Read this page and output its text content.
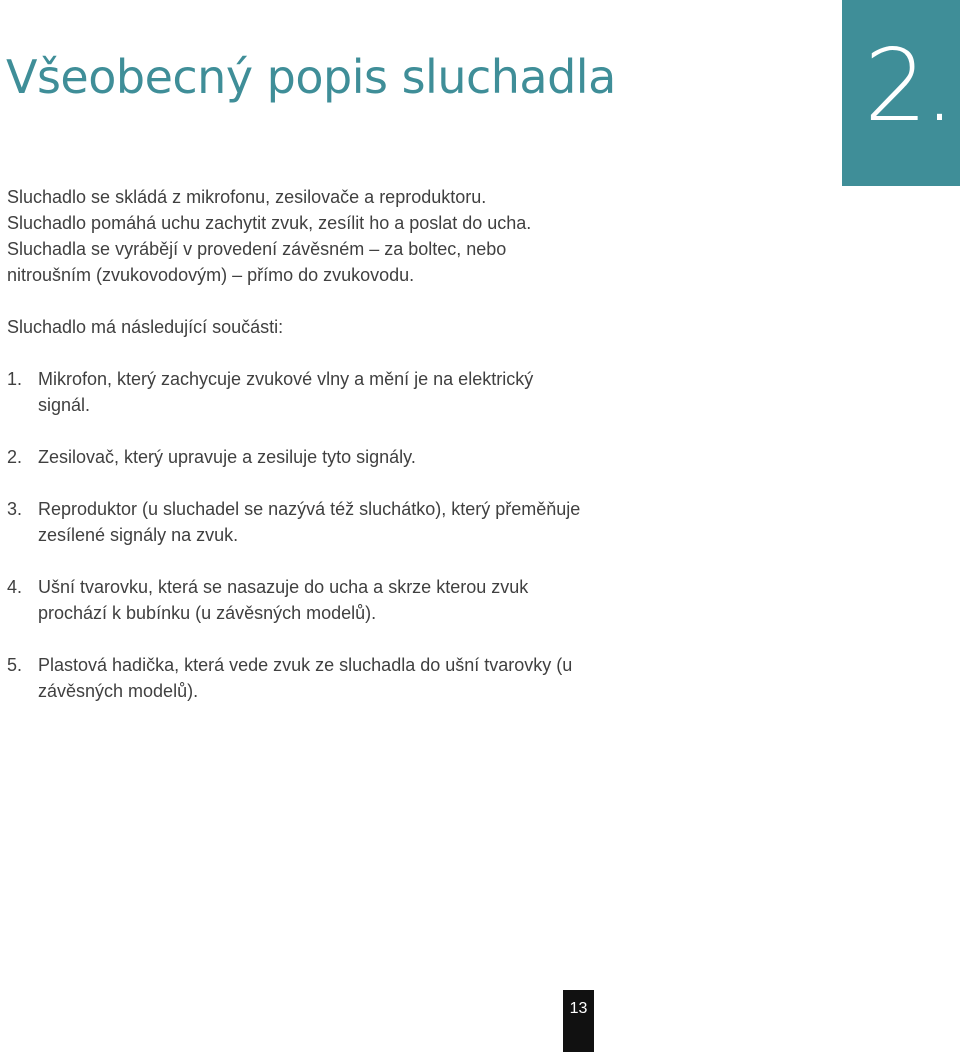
2.
Všeobecný popis sluchadla

Sluchadlo se skládá z mikrofonu, zesilovače a reproduktoru.

Sluchadlo pomáhá uchu zachytit zvuk, zesílit ho a poslat do ucha.

Sluchadla se vyrábějí v provedení závěsném – za boltec, nebo

nitroušním (zvukovodovým) – přímo do zvukovodu.

Sluchadlo má následující součásti:

1. Mikrofon, který zachycuje zvukové vlny a mění je na elektrický signál.
2. Zesilovač, který upravuje a zesiluje tyto signály.
3. Reproduktor (u sluchadel se nazývá též sluchátko), který přeměňuje zesílené signály na zvuk.
4. Ušní tvarovku, která se nasazuje do ucha a skrze kterou zvuk prochází k bubínku (u závěsných modelů).
5. Plastová hadička, která vede zvuk ze sluchadla do ušní tvarovky (u závěsných modelů).
13
